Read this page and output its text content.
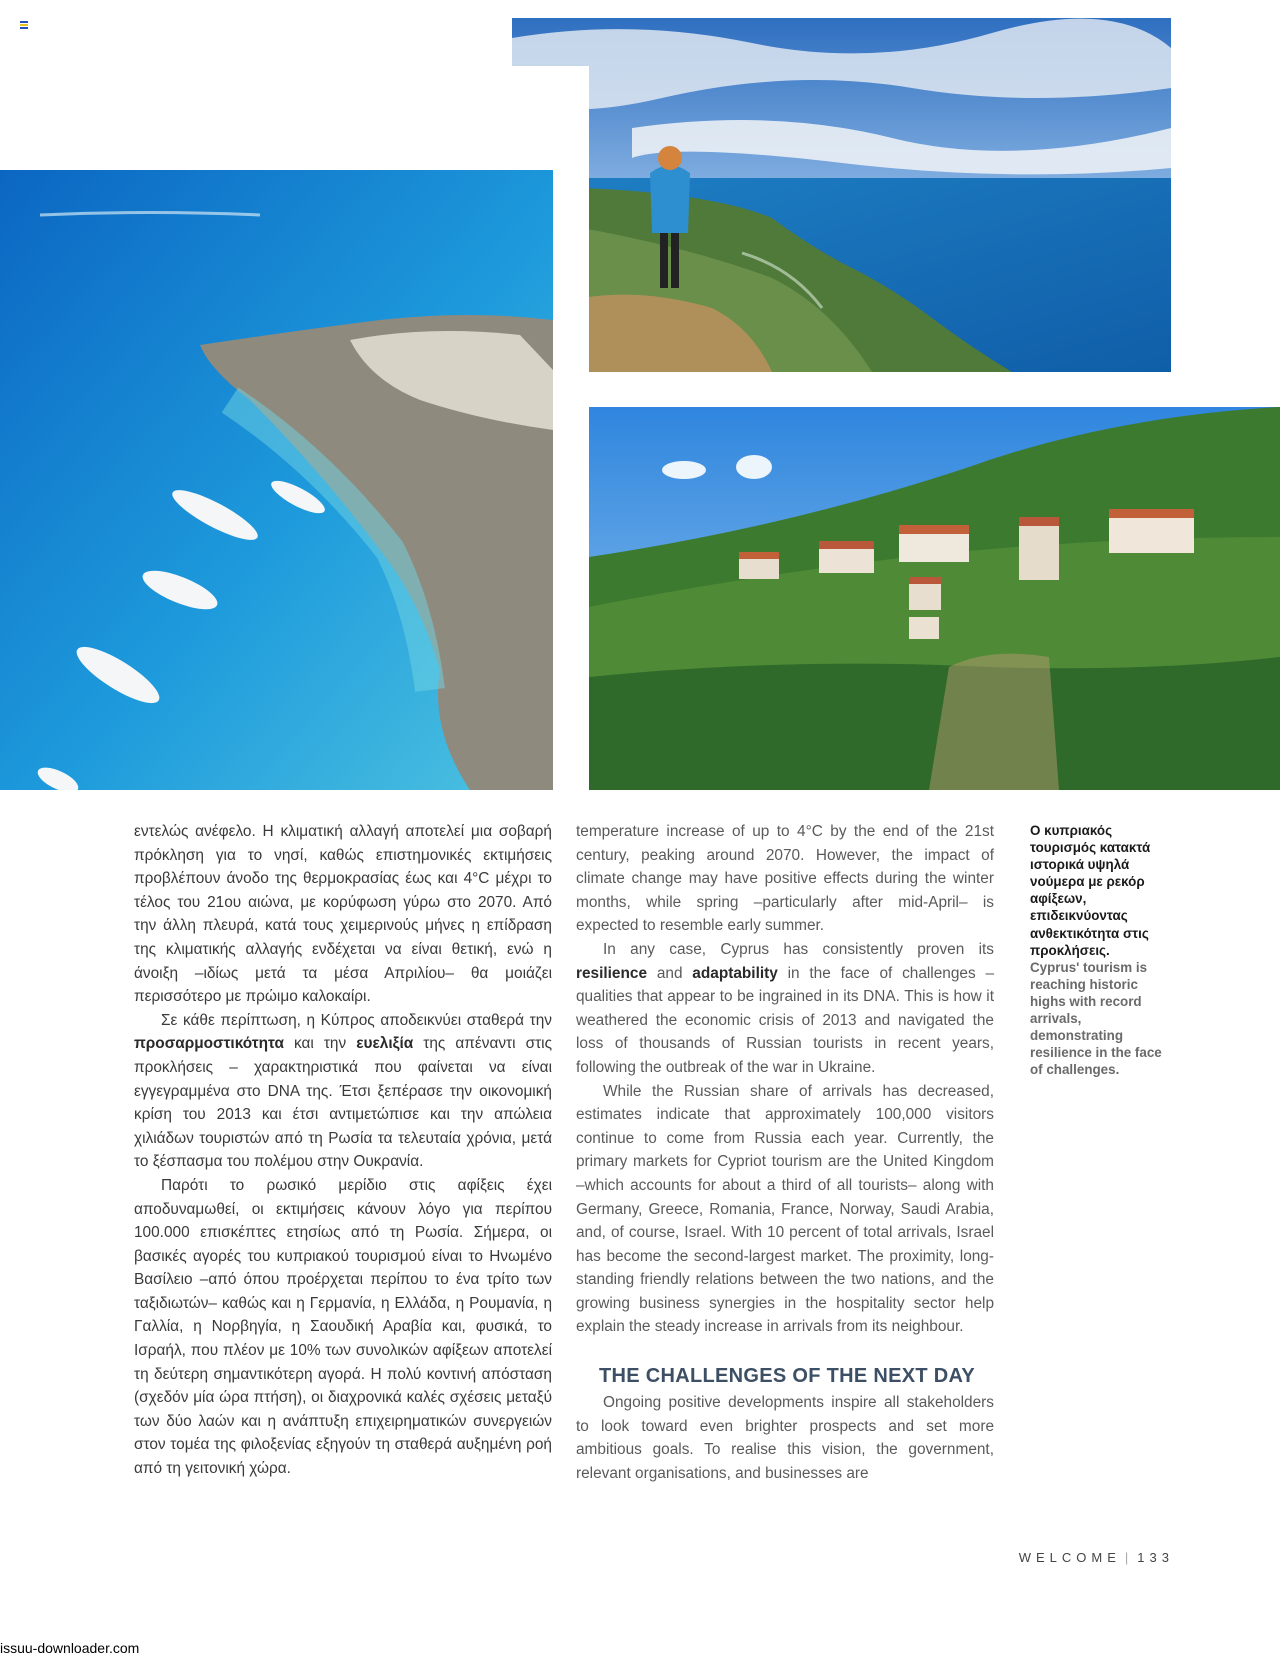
εντελώς ανέφελο. Η κλιματική αλλαγή αποτελεί μια σοβαρή πρόκληση για το νησί, καθώς επιστημονικές εκτιμήσεις προβλέπουν άνοδο της θερμοκρασίας έως και 4°C μέχρι το τέλος του 21ου αιώνα, με κορύφωση γύρω στο 2070. Από την άλλη πλευρά, κατά τους χειμερινούς μήνες η επίδραση της κλιματικής αλλαγής ενδέχεται να είναι θετική, ενώ η άνοιξη –ιδίως μετά τα μέσα Απριλίου– θα μοιάζει περισσότερο με πρώιμο καλοκαίρι.

Σε κάθε περίπτωση, η Κύπρος αποδεικνύει σταθερά την προσαρμοστικότητα και την ευελιξία της απέναντι στις προκλήσεις – χαρακτηριστικά που φαίνεται να είναι εγγεγραμμένα στο DNA της. Έτσι ξεπέρασε την οικονομική κρίση του 2013 και έτσι αντιμετώπισε και την απώλεια χιλιάδων τουριστών από τη Ρωσία τα τελευταία χρόνια, μετά το ξέσπασμα του πολέμου στην Ουκρανία.

Παρότι το ρωσικό μερίδιο στις αφίξεις έχει αποδυναμωθεί, οι εκτιμήσεις κάνουν λόγο για περίπου 100.000 επισκέπτες ετησίως από τη Ρωσία. Σήμερα, οι βασικές αγορές του κυπριακού τουρισμού είναι το Ηνωμένο Βασίλειο –από όπου προέρχεται περίπου το ένα τρίτο των ταξιδιωτών– καθώς και η Γερμανία, η Ελλάδα, η Ρουμανία, η Γαλλία, η Νορβηγία, η Σαουδική Αραβία και, φυσικά, το Ισραήλ, που πλέον με 10% των συνολικών αφίξεων αποτελεί τη δεύτερη σημαντικότερη αγορά. Η πολύ κοντινή απόσταση (σχεδόν μία ώρα πτήση), οι διαχρονικά καλές σχέσεις μεταξύ των δύο λαών και η ανάπτυξη επιχειρηματικών συνεργειών στον τομέα της φιλοξενίας εξηγούν τη σταθερά αυξημένη ροή από τη γειτονική χώρα.

temperature increase of up to 4°C by the end of the 21st century, peaking around 2070. However, the impact of climate change may have positive effects during the winter months, while spring –particularly after mid-April– is expected to resemble early summer.

In any case, Cyprus has consistently proven its resilience and adaptability in the face of challenges – qualities that appear to be ingrained in its DNA. This is how it weathered the economic crisis of 2013 and navigated the loss of thousands of Russian tourists in recent years, following the outbreak of the war in Ukraine.

While the Russian share of arrivals has decreased, estimates indicate that approximately 100,000 visitors continue to come from Russia each year. Currently, the primary markets for Cypriot tourism are the United Kingdom –which accounts for about a third of all tourists– along with Germany, Greece, Romania, France, Norway, Saudi Arabia, and, of course, Israel. With 10 percent of total arrivals, Israel has become the second-largest market. The proximity, long-standing friendly relations between the two nations, and the growing business synergies in the hospitality sector help explain the steady increase in arrivals from its neighbour.

THE CHALLENGES OF THE NEXT DAY

Ongoing positive developments inspire all stakeholders to look toward even brighter prospects and set more ambitious goals. To realise this vision, the government, relevant organisations, and businesses are

Ο κυπριακός τουρισμός κατακτά ιστορικά υψηλά νούμερα με ρεκόρ αφίξεων, επιδεικνύοντας ανθεκτικότητα στις προκλήσεις.
Cyprus' tourism is reaching historic highs with record arrivals, demonstrating resilience in the face of challenges.
WELCOME | 133
issuu-downloader.com
